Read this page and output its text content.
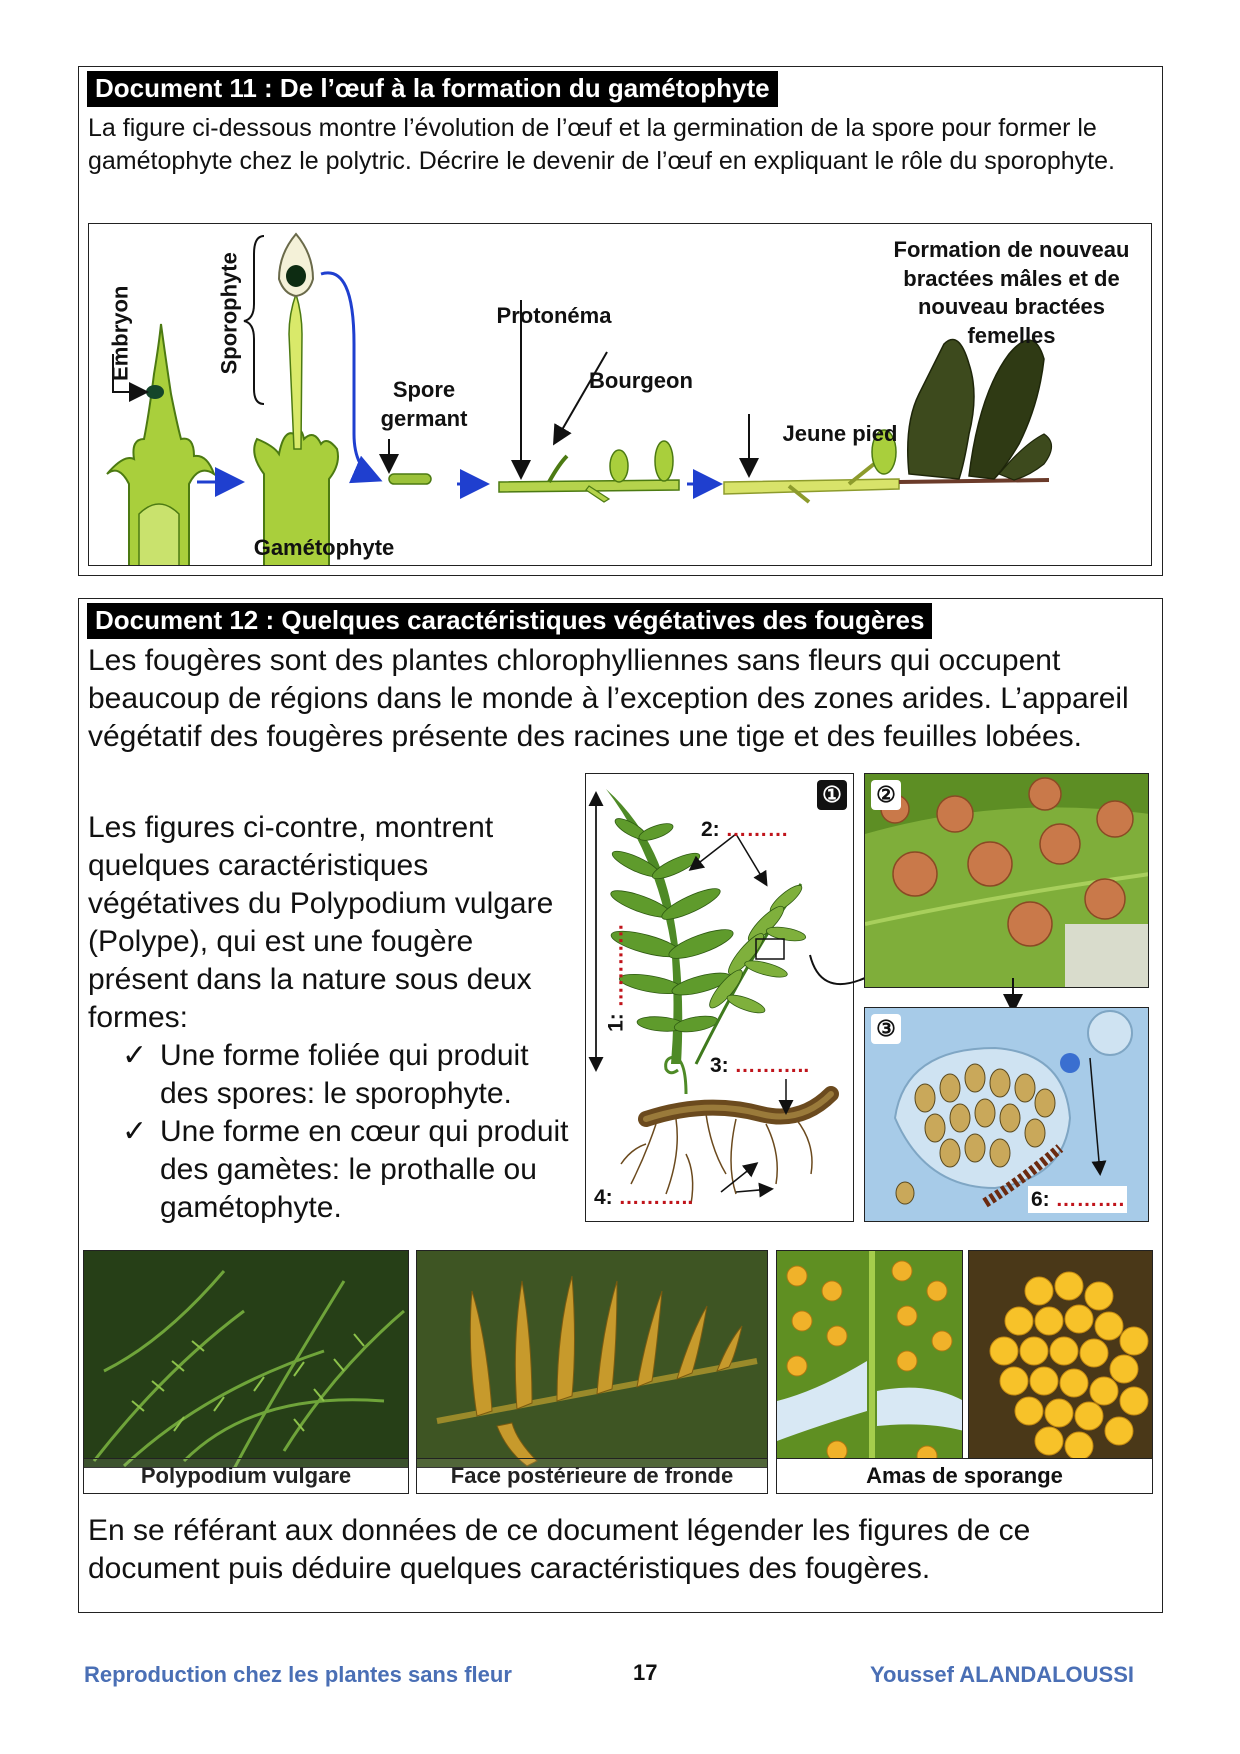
Document 11 : De l’œuf à la formation du gamétophyte
La figure ci-dessous montre l’évolution de l’œuf et la germination de la spore pour former le gamétophyte chez le polytric. Décrire le devenir de l’œuf en expliquant le rôle du sporophyte.
Embryon	Sporophyte
Gamétophyte
Spore germant
Protonéma
Bourgeon
Jeune pied
Formation de nouveau bractées mâles et de nouveau bractées femelles
Document 12 : Quelques caractéristiques végétatives des fougères
Les fougères sont des plantes chlorophylliennes sans fleurs qui occupent beaucoup de régions dans le monde à l’exception des zones arides. L’appareil végétatif des fougères présente des racines une tige et des feuilles lobées.
Les figures ci-contre, montrent quelques caractéristiques végétatives du Polypodium vulgare (Polype), qui est une fougère présent dans la nature sous deux formes:
✓ Une forme foliée qui produit des spores: le sporophyte.
✓ Une forme en cœur qui produit des gamètes: le prothalle ou gamétophyte.
①
2: ………
1: …………
3: ………..
4: ………..
②
③
6: ……….
Polypodium vulgare	Face postérieure de fronde	Amas de sporange
En se référant aux données de ce document légender les figures de ce document puis déduire quelques caractéristiques des fougères.
Reproduction chez les plantes sans fleur	17	Youssef ALANDALOUSSI
